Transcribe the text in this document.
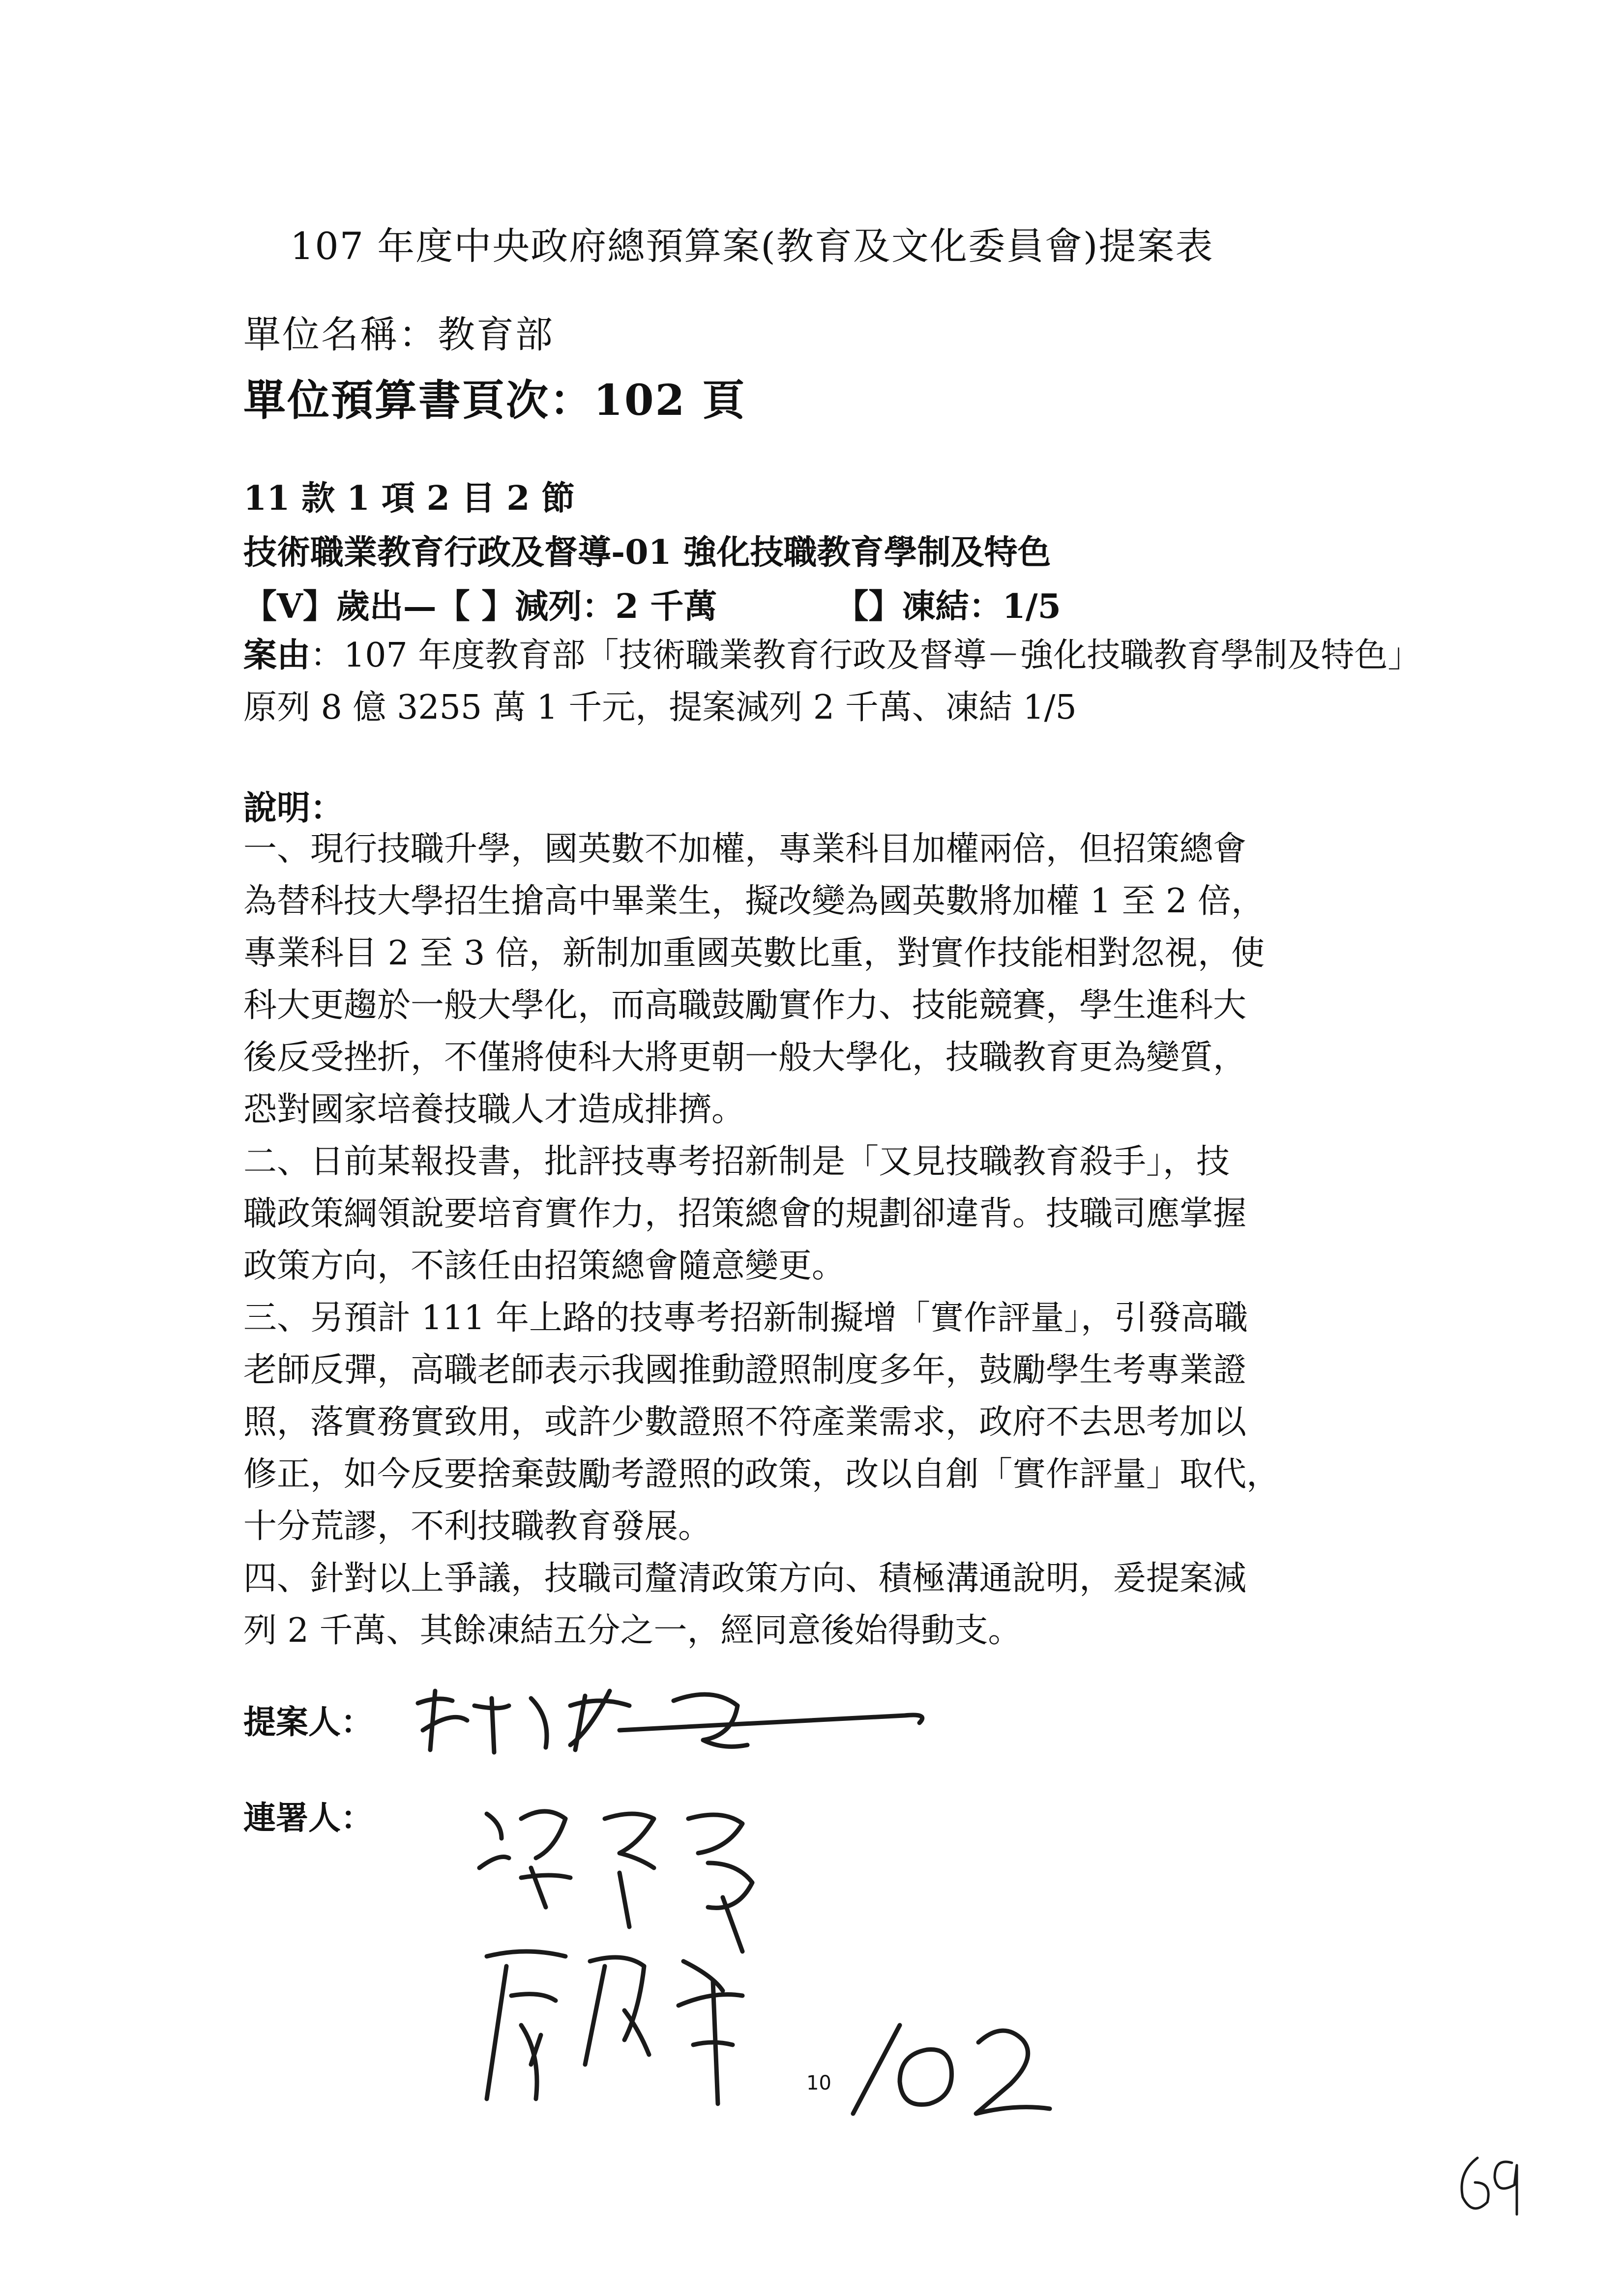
107 年度中央政府總預算案(教育及文化委員會)提案表
單位名稱：教育部
單位預算書頁次：102 頁
11 款 1 項 2 目 2 節
技術職業教育行政及督導-01 強化技職教育學制及特色
【V】歲出—【 】減列：2 千萬	【】凍結：1/5
案由：107 年度教育部「技術職業教育行政及督導－強化技職教育學制及特色」原列 8 億 3255 萬 1 千元，提案減列 2 千萬、凍結 1/5
說明：
一、現行技職升學，國英數不加權，專業科目加權兩倍，但招策總會
為替科技大學招生搶高中畢業生，擬改變為國英數將加權 1 至 2 倍，
專業科目 2 至 3 倍，新制加重國英數比重，對實作技能相對忽視，使
科大更趨於一般大學化，而高職鼓勵實作力、技能競賽，學生進科大
後反受挫折，不僅將使科大將更朝一般大學化，技職教育更為變質，
恐對國家培養技職人才造成排擠。
二、日前某報投書，批評技專考招新制是「又見技職教育殺手」，技
職政策綱領說要培育實作力，招策總會的規劃卻違背。技職司應掌握
政策方向，不該任由招策總會隨意變更。
三、另預計 111 年上路的技專考招新制擬增「實作評量」，引發高職
老師反彈，高職老師表示我國推動證照制度多年，鼓勵學生考專業證
照，落實務實致用，或許少數證照不符產業需求，政府不去思考加以
修正，如今反要捨棄鼓勵考證照的政策，改以自創「實作評量」取代，
十分荒謬，不利技職教育發展。
四、針對以上爭議，技職司釐清政策方向、積極溝通說明，爰提案減
列 2 千萬、其餘凍結五分之一，經同意後始得動支。
提案人：
連署人：
10
